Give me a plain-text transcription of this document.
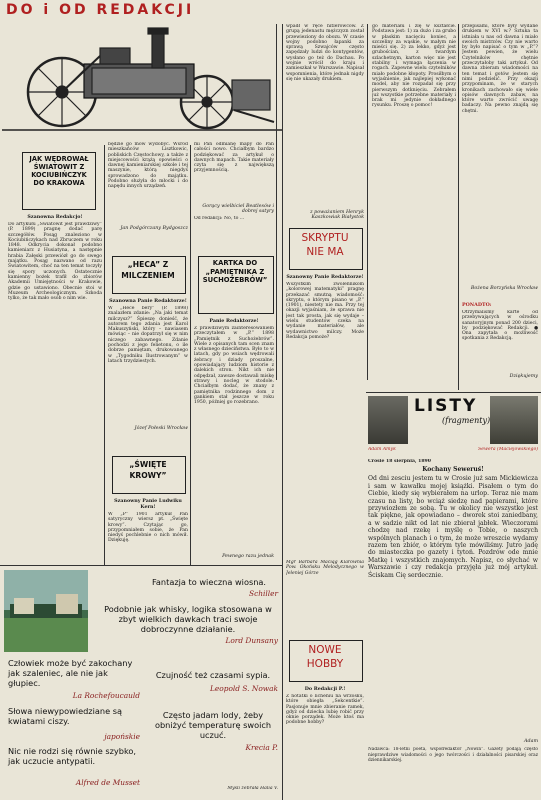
DO i OD REDAKCJI
JAK WĘDROWAŁ ŚWIATOWIT Z KOCIUBIŃCZYK DO KRAKOWA
Szanowna Redakcjo!
Do artykułu „Światowit jest prawdziwy” (P. 1899) pragnę dodać parę szczegółów. Posąg znaleziono w Kociubińczykach nad Zbruczem w roku 1848. Odkrycia dokonał podobno kamieniarz z Husiatyna, a następnie hrabia Załęski przewiózł go do swego majątku. Posąg nazwano od razu Światowitem, choć na ten temat toczyły się spory uczonych. Ostatecznie kamienny bożek trafił do zbiorów Akademii Umiejętności w Krakowie, gdzie go ustawiono. Obecnie stoi w Muzeum Archeologicznym. Szkoda tylko, że tak mało osób o nim wie.
będzie go mów wydobyć. Wśród mieszkańców Lisztkowic, pobliskich Częstochowy, a także z miejscowości krążą opowieści o dawnej kamieniarskiej szkole i tej maszynie, którą niegdyś sprowadzono do majątku. Podobno służyła do młocki i do napędu innych urządzeń.
Jan Podgórczany Bydgoszcz
„HECA” Z MILCZENIEM
Szanowna Panie Redaktorze!
W „Hece bery” (P. 1898) znalazłem zdanie: „Na jaki temat milczysz?” Śpieszę donieść, że autorem tego zdania jest Karol Makuszyński, który – nawiasem mówiąc – nie dopatrzył się w nim niczego zabawnego. Zdanie pochodzi z jego felietonu, o ile dobrze pamiętam, drukowanego w „Tygodniku Ilustrowanym” w latach trzydziestych.
Józef Połeski Wrocław
„ŚWIĘTE KROWY”
Szanowny Panie Ludwiku Kern!
W „P” 1901 artykuł Pan satyryczny wiersz pt. „Święte krowy”. Czytając go, przypomniałem sobie, że Pan niedyś pochlebnie o nich mówił. Dziękuję.
mi Pan odmianę mapy do Pan całości nowo. Chciałbym bardzo podziękować za artykuł o dawnych mapach. Takie materiały czyta się z największą przyjemnością.
Gorący wielbiciel Beatlesów i dobrej satyry
Od redakcji: No, to ...
KARTKA DO „PAMIĘTNIKA Z SUCHOŻEBRÓW”
Panie Redaktorze!
Z prawdziwym zainteresowaniem przeczytałem w „P.” 1898 „Pamiętnik z Suchożebrów”. Wiele z opisanych tam scen znam z własnego dzieciństwa. Było to w latach, gdy po wsiach wędrowali żebracy i dziady proszalne, opowiadający ludziom historie z dalekich stron. Nikt ich nie odpędzał, zawsze dostawali miskę strawy i nocleg w stodole. Chciałbym dodać, że znany z pamiętnika rodzinnego dom z gankiem stał jeszcze w roku 1950, później go rozebrano.
Pewnego razu jednak
wpadł w ręce hitlerowców. Z grupą jedenastu mężczyzn został przewieziony do obozu. W czasie wojny podobno łapanki za sprawą Szwajców często zapędzały ludzi do kontygentów, wysłano go też do Dachau. Po wojnie wrócił do kraju i zamieszkał w Warszawie. Napisał wspomnienia, które jednak nigdy się nie ukazały drukiem.
z poważaniem Henryk Kaszkowiak Białystok
SKRYPTU NIE MA
Szanowny Panie Redaktorze!
Wszystkim zwolennikom „kolorowej matematyki” pragnę przekazać smutną wiadomość: skryptu, o którym pisano w „P.” (1901), niestety nie ma. Przy tej okazji wyjaśniam, że sprawa nie jest tak prosta, jak się wydaje – wielu studentów czeka na wydanie materiałów, ale wydawnictwo milczy. Może Redakcja pomoże?
go materiału i zlę w kształcie. Podstawa jest: 1) za dużo i za grubo w płaskim nacięciu koniec, a szczeliny za wąskie, w małym nie mieści się. 2) za lekko, gdyż jest grubościan, z twardym szlachetnym, karton więc nie jest stabilny i wymaga łączenia w rogach. Zapewne wielu czytelników miało podobne kłopoty. Prosiłbym o wyjaśnienie, jak najlepiej wykonać model, aby nie rozpadał się przy pierwszym dotknięciu. Zebrałem już wszystkie potrzebne materiały i brak mi jedynie dokładnego rysunku. Proszę o pomoc!
przepisami, które były wydane drukiem w XVI w.? Sztuka ta istniała u nas od dawna i miało swoich mistrzów. Czy nie warto by było napisać o tym w „P.”? Jestem pewien, że wielu Czytelników chętnie przeczytałoby taki artykuł. Od dawna zbieram wiadomości na ten temat i gotów jestem się nimi podzielić. Przy okazji przypominam, że w starych kronikach zachowało się wiele opisów dawnych zabaw, na które warto zwrócić uwagę badaczy. Na pewno znajdą się chętni.
Bożena Borzyńska Wrocław
PONADTO:
Otrzymaliśmy karte od przebywających w ośrodku sanatoryjnym ponad 200 dzieci, by podziękować Redakcji. ● Ona zapytała o możliwość spotkania z Redakcją.
Dziękujemy
LISTY
(fragmenty)
Adam Amyk	Sewera (Maciejowskiego)
Crosie 18 sierpnia, 1890
Kochany Seweruś!
Od dni zesciu jestem tu w Crosie już sam Mickiewicza i sam w kawałku mojej książki. Pisałem o tym do Ciebie, kiedy się wybierałem na urlop. Teraz nie mam czasu na listy, bo wciąż siedzę nad papierami, które przywiozłem ze sobą. Tu w okolicy nie wszystko jest tak piękne, jak opowiadano – dworek stoi zaniedbany, a w sadzie nikt od lat nie zbierał jabłek. Wieczorami chodzę nad rzekę i myślę o Tobie, o naszych wspólnych planach i o tym, że może wreszcie wydamy razem ten zbiór, o którym tyle mówiliśmy. Jutro jadę do miasteczka po gazety i tytoń. Pozdrów ode mnie Matkę i wszystkich znajomych. Napisz, co słychać w Warszawie i czy redakcja przyjęła już mój artykuł. Ściskam Cię serdecznie.
Adam
Nadawca: 18-letni poeta, współredaktor „Nowin”. Gazety podają często nieprawdziwe wiadomości o jego twórczości i działalności pisarskiej oraz dziennikarskiej.
Mgr Barbara Maciąg Klarownia Pow. Okońsku Melodycznego w Jeleniej Górze
NOWE HOBBY
Do Redakcji P.!
Z notatki o licheniu na wrzosku, które obiegła „Sekcentkie”. Pasjonuje mnie zbieranie ramek, gdyż od dziecka lubię robić przy oknie porządek. Może ktoś ma podobne hobby?
Fantazja to wieczna wiosna.
Schiller
Podobnie jak whisky, logika stosowana w zbyt wielkich dawkach traci swoje dobroczynne działanie.
Lord Dunsany
Człowiek może być zakochany jak szaleniec, ale nie jak głupiec.
La Rochefoucauld
Czujność też czasami sypia.
Leopold S. Nowak
Słowa niewypowiedziane są kwiatami ciszy.
japońskie
Często jadam lody, żeby obniżyć temperaturę swoich uczuć.
Krecia P.
Nic nie rodzi się równie szybko, jak uczucie antypatii.
Alfred de Musset
Myśli zebrała Halia V.
